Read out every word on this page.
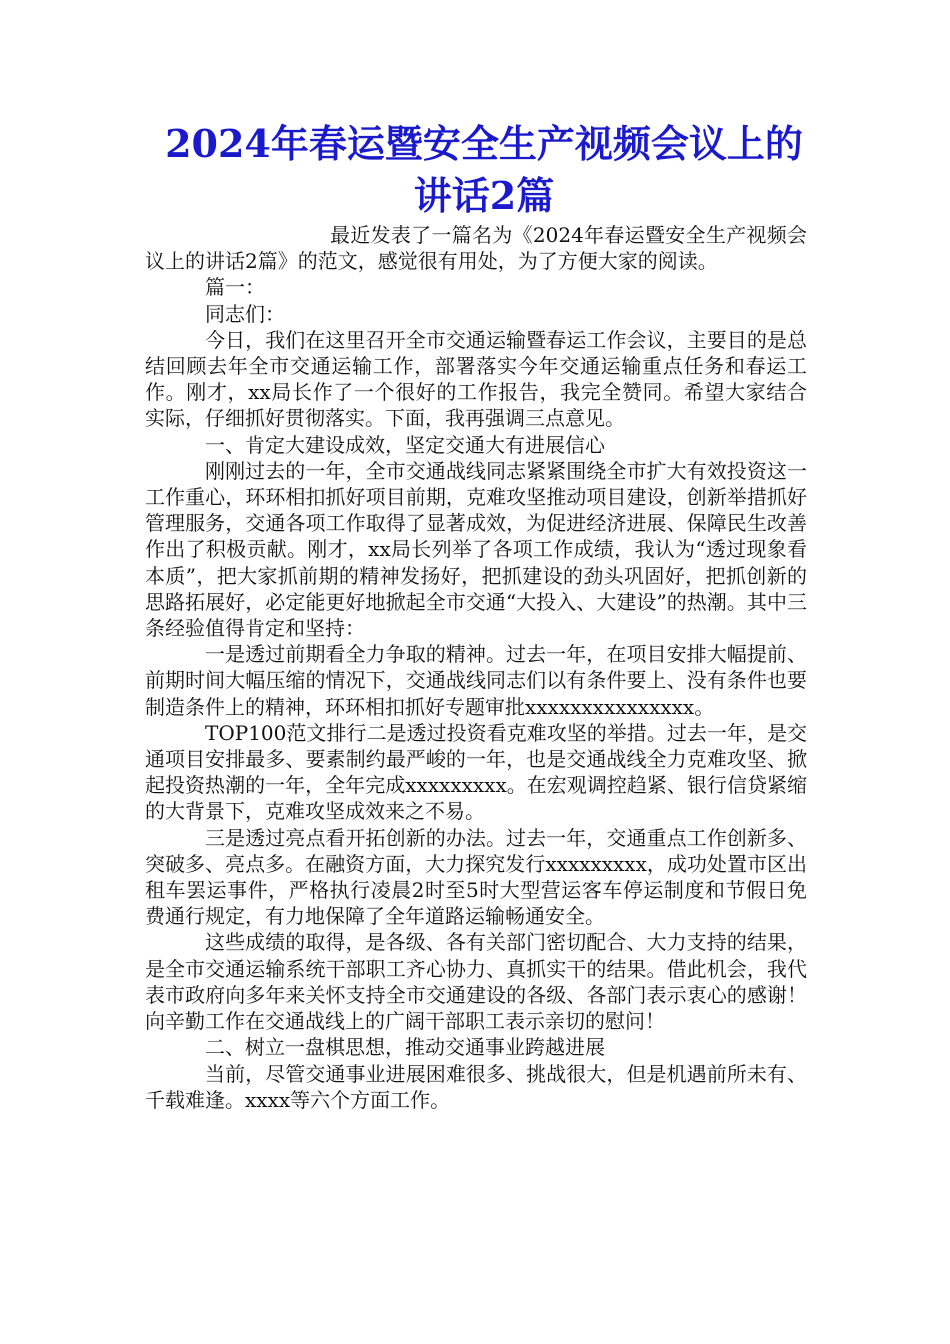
2024年春运暨安全生产视频会议上的讲话2篇

最近发表了一篇名为《2024年春运暨安全生产视频会议上的讲话2篇》的范文，感觉很有用处，为了方便大家的阅读。

篇一：

同志们：

今日，我们在这里召开全市交通运输暨春运工作会议，主要目的是总结回顾去年全市交通运输工作，部署落实今年交通运输重点任务和春运工作。刚才，xx局长作了一个很好的工作报告，我完全赞同。希望大家结合实际，仔细抓好贯彻落实。下面，我再强调三点意见。

一、肯定大建设成效，坚定交通大有进展信心

刚刚过去的一年，全市交通战线同志紧紧围绕全市扩大有效投资这一工作重心，环环相扣抓好项目前期，克难攻坚推动项目建设，创新举措抓好管理服务，交通各项工作取得了显著成效，为促进经济进展、保障民生改善作出了积极贡献。刚才，xx局长列举了各项工作成绩，我认为“透过现象看本质”，把大家抓前期的精神发扬好，把抓建设的劲头巩固好，把抓创新的思路拓展好，必定能更好地掀起全市交通“大投入、大建设”的热潮。其中三条经验值得肯定和坚持：

一是透过前期看全力争取的精神。过去一年，在项目安排大幅提前、前期时间大幅压缩的情况下，交通战线同志们以有条件要上、没有条件也要制造条件上的精神，环环相扣抓好专题审批xxxxxxxxxxxxxxx。

TOP100范文排行二是透过投资看克难攻坚的举措。过去一年，是交通项目安排最多、要素制约最严峻的一年，也是交通战线全力克难攻坚、掀起投资热潮的一年，全年完成xxxxxxxxx。在宏观调控趋紧、银行信贷紧缩的大背景下，克难攻坚成效来之不易。

三是透过亮点看开拓创新的办法。过去一年，交通重点工作创新多、突破多、亮点多。在融资方面，大力探究发行xxxxxxxxx，成功处置市区出租车罢运事件，严格执行凌晨2时至5时大型营运客车停运制度和节假日免费通行规定，有力地保障了全年道路运输畅通安全。

这些成绩的取得，是各级、各有关部门密切配合、大力支持的结果，是全市交通运输系统干部职工齐心协力、真抓实干的结果。借此机会，我代表市政府向多年来关怀支持全市交通建设的各级、各部门表示衷心的感谢！向辛勤工作在交通战线上的广阔干部职工表示亲切的慰问！

二、树立一盘棋思想，推动交通事业跨越进展

当前，尽管交通事业进展困难很多、挑战很大，但是机遇前所未有、千载难逢。xxxx等六个方面工作。
